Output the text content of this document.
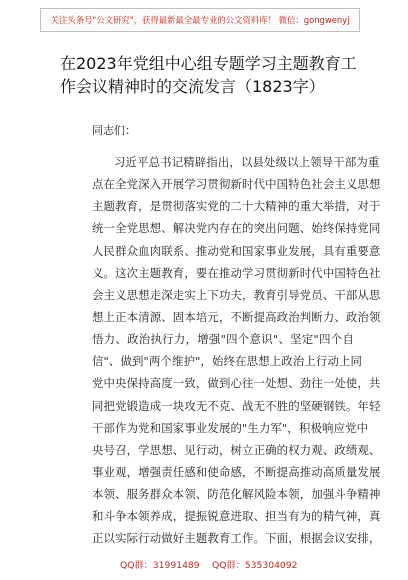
关注头条号"公文研究"，获得最新最全最专业的公文资料库！ 微信：gongwenyj
在2023年党组中心组专题学习主题教育工
作会议精神时的交流发言（1823字）
同志们：
习近平总书记精辟指出，以县处级以上领导干部为重
点在全党深入开展学习贯彻新时代中国特色社会主义思想
主题教育，是贯彻落实党的二十大精神的重大举措，对于
统一全党思想、解决党内存在的突出问题、始终保持党同
人民群众血肉联系、推动党和国家事业发展，具有重要意
义。这次主题教育，要在推动学习贯彻新时代中国特色社
会主义思想走深走实上下功夫，教育引导党员、干部从思
想上正本清源、固本培元，不断提高政治判断力、政治领
悟力、政治执行力，增强"四个意识"、坚定"四个自
信"、做到"两个维护"，始终在思想上政治上行动上同
党中央保持高度一致，做到心往一处想、劲往一处使，共
同把党锻造成一块攻无不克、战无不胜的坚硬钢铁。年轻
干部作为党和国家事业发展的"生力军"，积极响应党中
央号召，学思想、见行动，树立正确的权力观、政绩观、
事业观，增强责任感和使命感，不断提高推动高质量发展
本领、服务群众本领、防范化解风险本领，加强斗争精神
和斗争本领养成，提振锐意进取、担当有为的精气神，真
正以实际行动做好主题教育工作。下面，根据会议安排，
QQ群：31991489 QQ群：535304092
